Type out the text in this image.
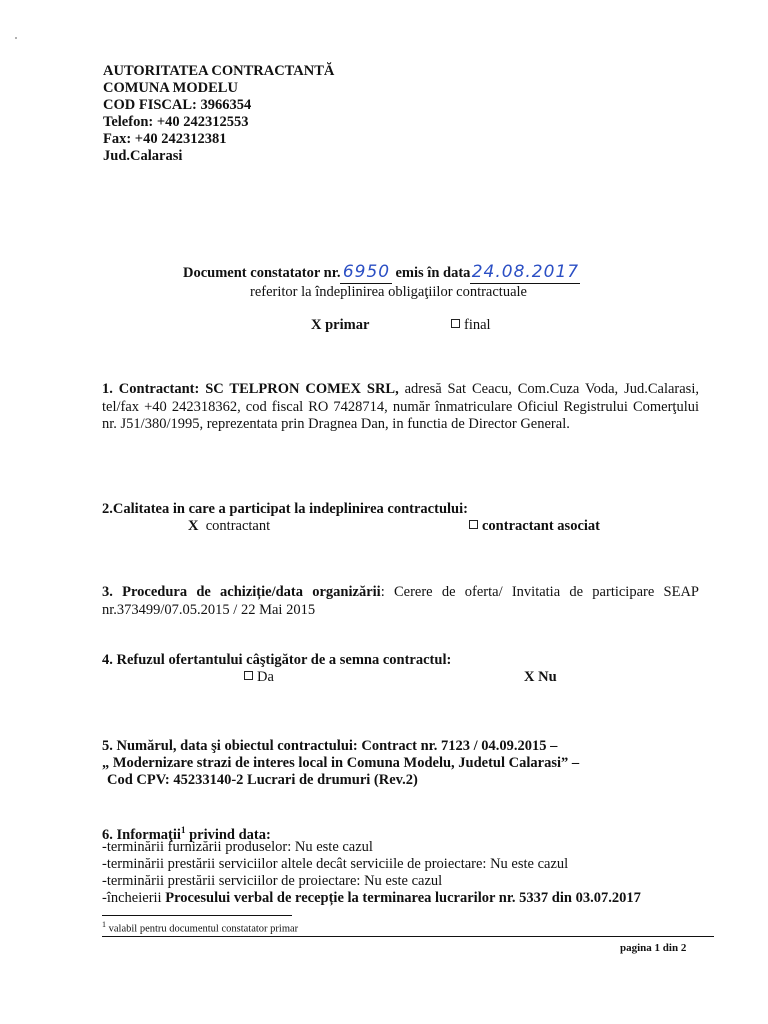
AUTORITATEA CONTRACTANTĂ
COMUNA MODELU
COD FISCAL: 3966354
Telefon: +40 242312553
Fax: +40 242312381
Jud.Calarasi
Document constatator nr. 6950 emis în data24.08.2017
referitor la îndeplinirea obligaţiilor contractuale
X primar	final
1. Contractant: SC TELPRON COMEX SRL, adresă Sat Ceacu, Com.Cuza Voda, Jud.Calarasi, tel/fax +40 242318362, cod fiscal RO 7428714, număr înmatriculare Oficiul Registrului Comerţului nr. J51/380/1995, reprezentata prin Dragnea Dan, in functia de Director General.
2.Calitatea in care a participat la indeplinirea contractului:
X contractant	contractant asociat
3. Procedura de achiziție/data organizării: Cerere de oferta/ Invitatia de participare SEAP nr.373499/07.05.2015 / 22 Mai 2015
4. Refuzul ofertantului câştigător de a semna contractul:
Da	X Nu
5. Numărul, data şi obiectul contractului: Contract nr. 7123 / 04.09.2015 –
„ Modernizare strazi de interes local in Comuna Modelu, Judetul Calarasi” –
Cod CPV: 45233140-2 Lucrari de drumuri (Rev.2)
6. Informaţii$^1$ privind data:
-terminării furnizării produselor: Nu este cazul
-terminării prestării serviciilor altele decât serviciile de proiectare: Nu este cazul
-terminării prestării serviciilor de proiectare: Nu este cazul
-încheierii Procesului verbal de recepție la terminarea lucrarilor nr. 5337 din 03.07.2017
$^1$ valabil pentru documentul constatator primar
pagina 1 din 2
